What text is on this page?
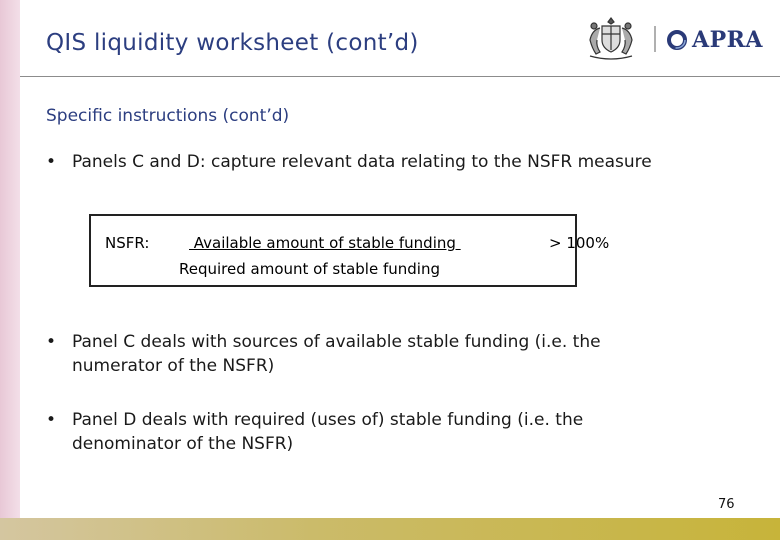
QIS liquidity worksheet (cont’d)	APRA
Specific instructions (cont’d)
• Panels C and D: capture relevant data relating to the NSFR measure
NSFR:	Available amount of stable funding
Required amount of stable funding
> 100%
• Panel C deals with sources of available stable funding (i.e. the
numerator of the NSFR)
• Panel D deals with required (uses of) stable funding (i.e. the
denominator of the NSFR)
76
